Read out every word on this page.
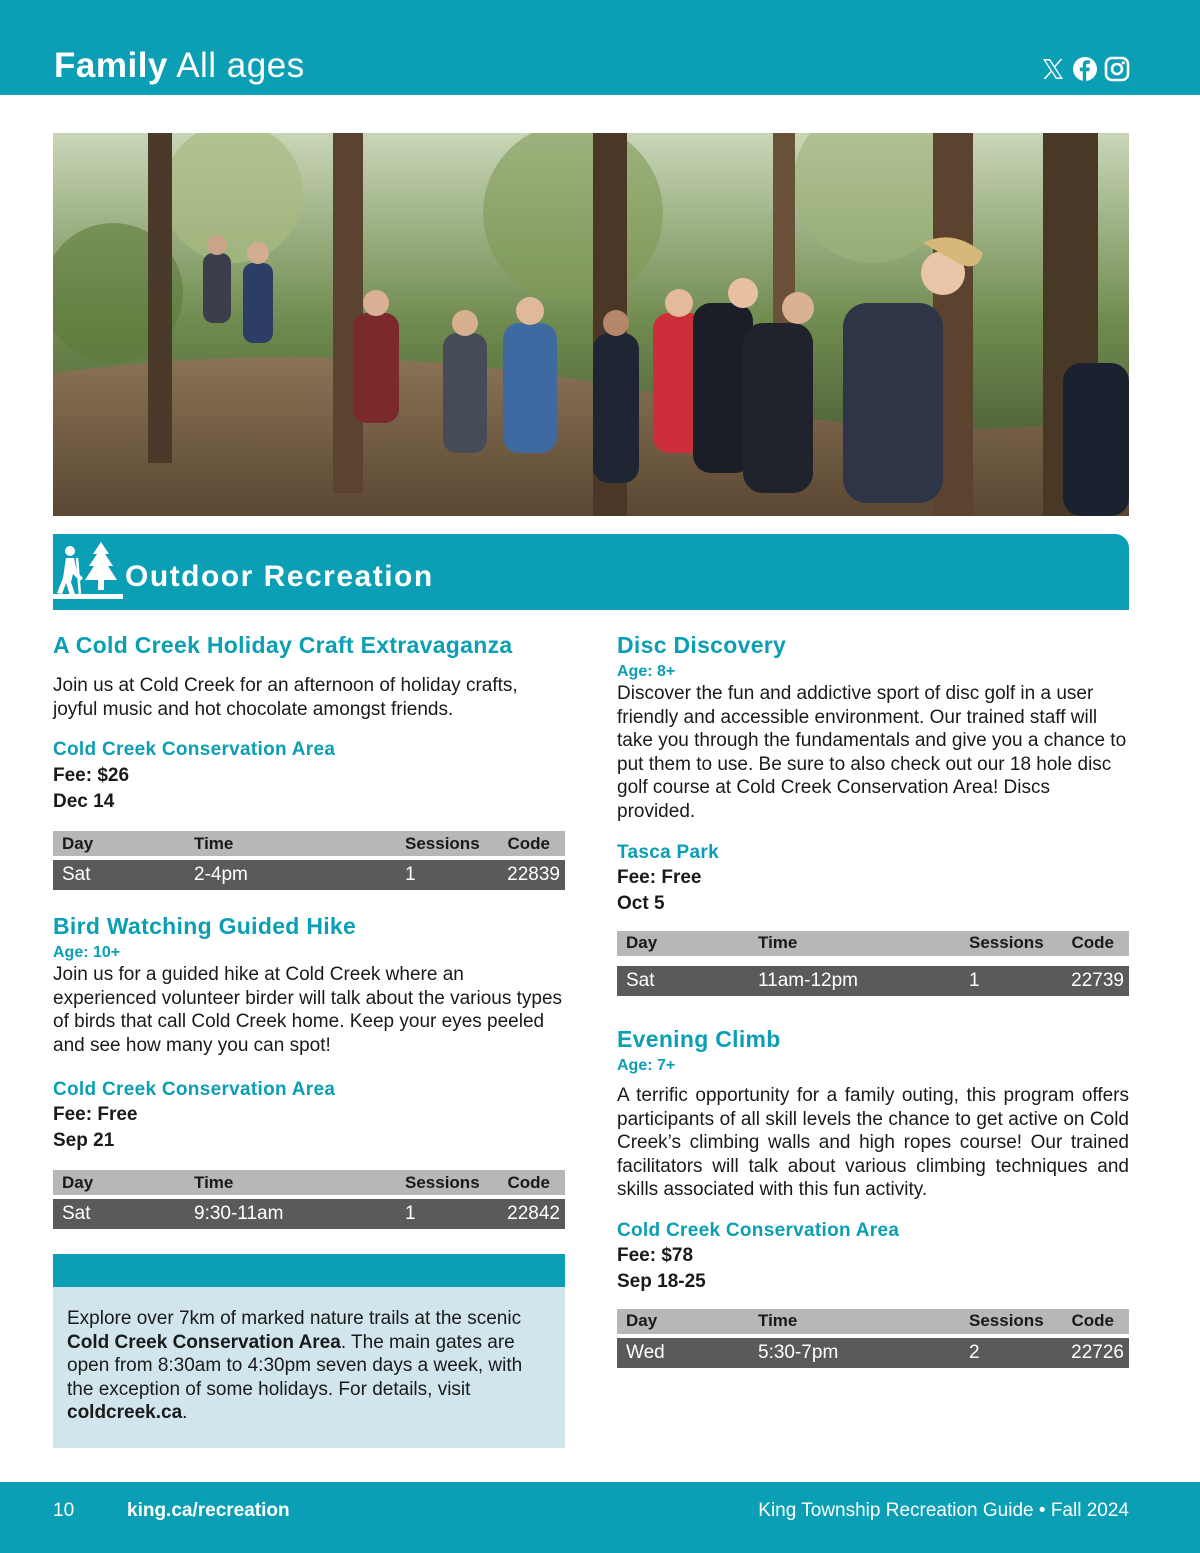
Family All ages
Outdoor Recreation
A Cold Creek Holiday Craft Extravaganza
Join us at Cold Creek for an afternoon of holiday crafts, joyful music and hot chocolate amongst friends.
Cold Creek Conservation Area
Fee: $26
Dec 14
Day	Time	Sessions Code
Sat	2-4pm	1	22839
Bird Watching Guided Hike
Age: 10+
Join us for a guided hike at Cold Creek where an experienced volunteer birder will talk about the various types of birds that call Cold Creek home. Keep your eyes peeled and see how many you can spot!
Cold Creek Conservation Area
Fee: Free
Sep 21
Day	Time	Sessions Code
Sat	9:30-11am	1	22842
Explore over 7km of marked nature trails at the scenic Cold Creek Conservation Area. The main gates are open from 8:30am to 4:30pm seven days a week, with the exception of some holidays. For details, visit coldcreek.ca.
Disc Discovery
Age: 8+
Discover the fun and addictive sport of disc golf in a user friendly and accessible environment. Our trained staff will take you through the fundamentals and give you a chance to put them to use. Be sure to also check out our 18 hole disc golf course at Cold Creek Conservation Area! Discs provided.
Tasca Park
Fee: Free
Oct 5
Day	Time	Sessions Code
Sat	11am-12pm	1	22739
Evening Climb
Age: 7+
A terrific opportunity for a family outing, this program offers participants of all skill levels the chance to get active on Cold Creek’s climbing walls and high ropes course! Our trained facilitators will talk about various climbing techniques and skills associated with this fun activity.
Cold Creek Conservation Area
Fee: $78
Sep 18-25
Day	Time	Sessions Code
Wed	5:30-7pm	2	22726
10	king.ca/recreation	King Township Recreation Guide • Fall 2024
